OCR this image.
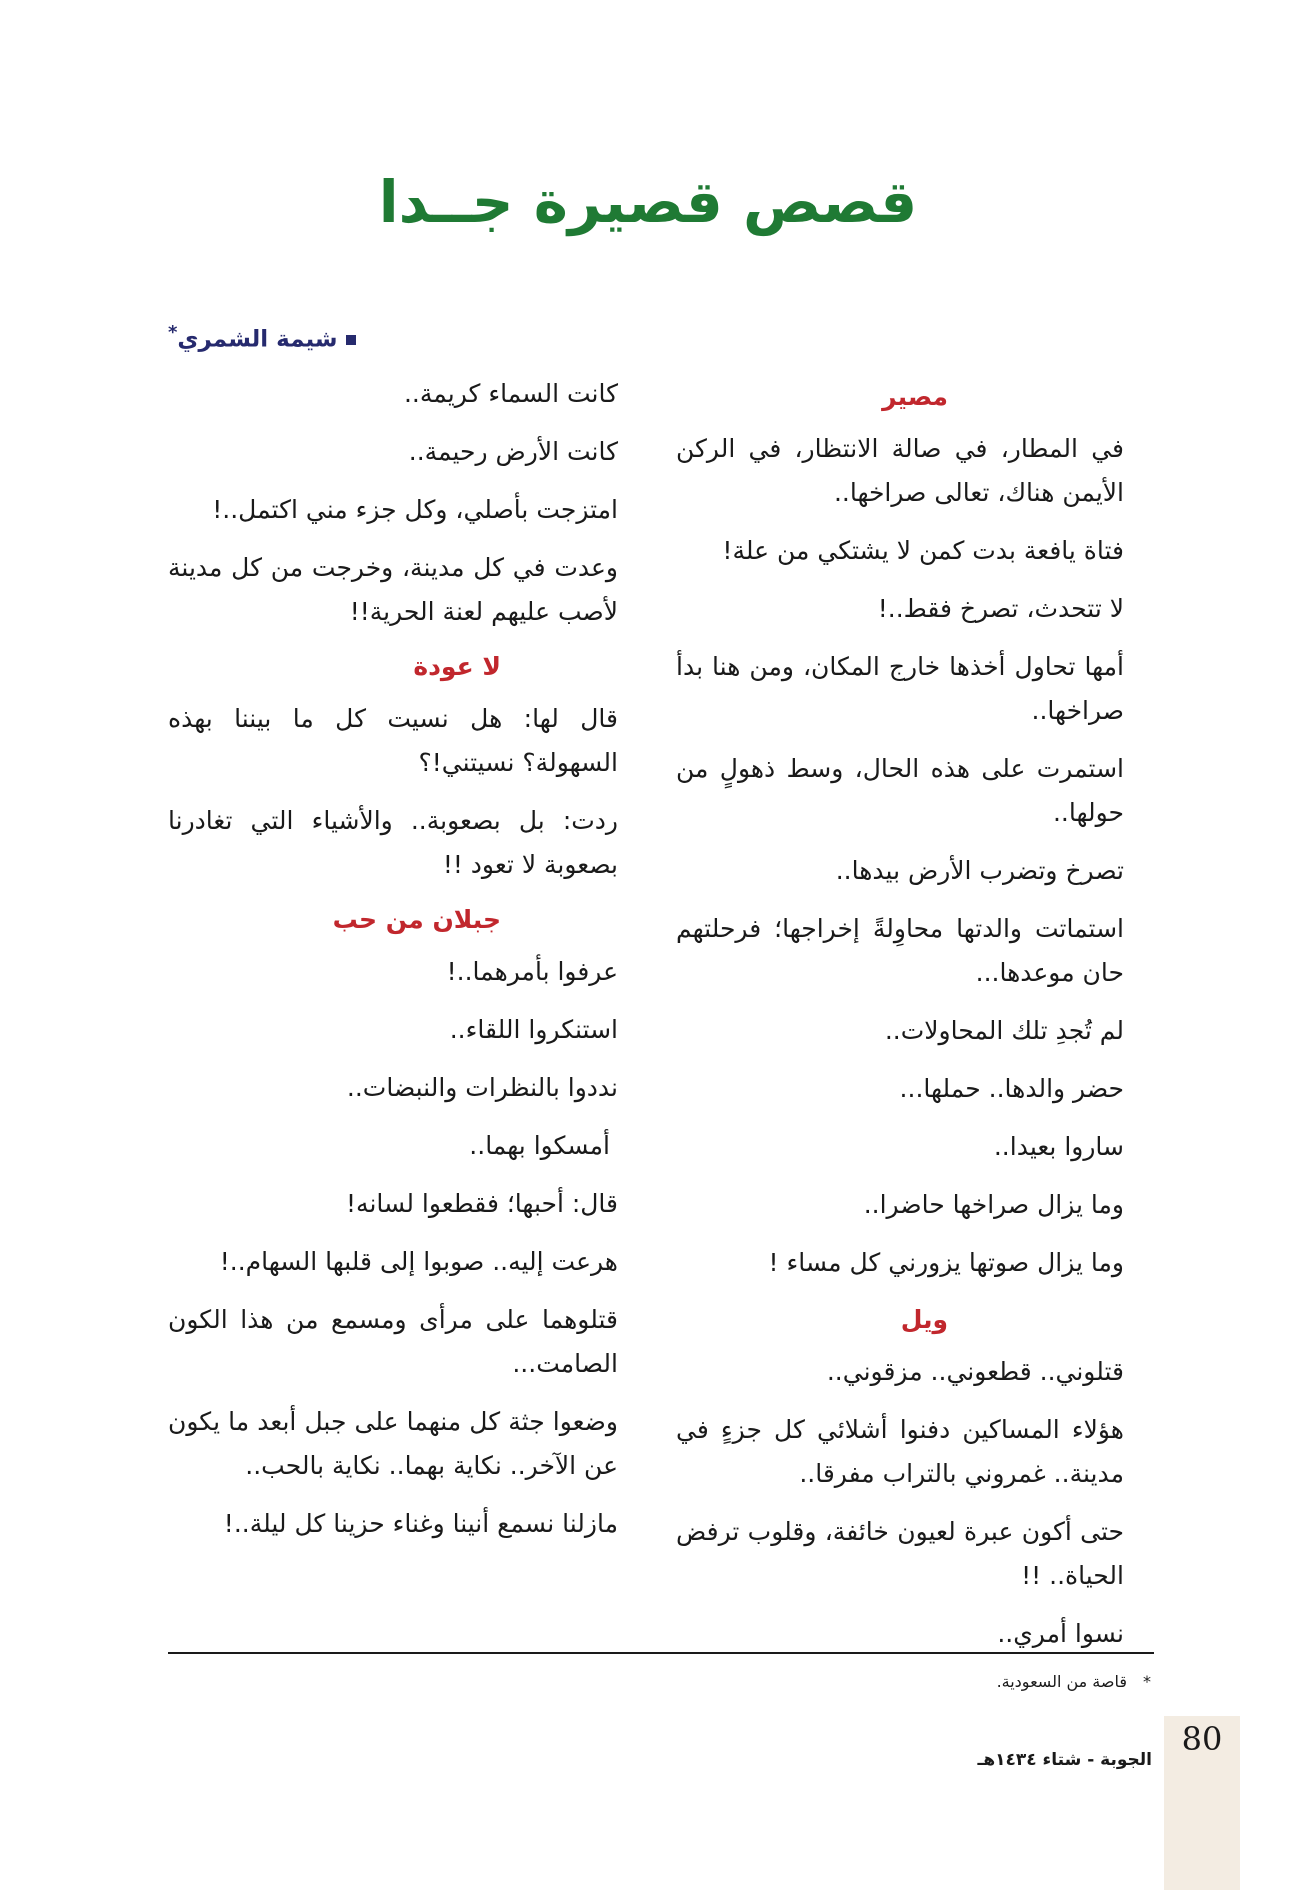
قصص قصيرة جــدا
شيمة الشمري*
مصير

في المطار، في صالة الانتظار، في الركن الأيمن هناك، تعالى صراخها..

فتاة يافعة بدت كمن لا يشتكي من علة!

لا تتحدث، تصرخ فقط..!

أمها تحاول أخذها خارج المكان، ومن هنا بدأ صراخها..

استمرت على هذه الحال، وسط ذهولٍ من حولها..

تصرخ وتضرب الأرض بيدها..

استماتت والدتها محاوِلةً إخراجها؛ فرحلتهم حان موعدها...

لم تُجدِ تلك المحاولات..

حضر والدها.. حملها...

ساروا بعيدا..

وما يزال صراخها حاضرا..

وما يزال صوتها يزورني كل مساء !

ويل

قتلوني.. قطعوني.. مزقوني..

هؤلاء المساكين دفنوا أشلائي كل جزءٍ في مدينة.. غمروني بالتراب مفرقا..

حتى أكون عبرة لعيون خائفة، وقلوب ترفض الحياة.. !!

نسوا أمري..

كانت السماء كريمة..

كانت الأرض رحيمة..

امتزجت بأصلي، وكل جزء مني اكتمل..!

وعدت في كل مدينة، وخرجت من كل مدينة لأصب عليهم لعنة الحرية!!

لا عودة

قال لها: هل نسيت كل ما بيننا بهذه السهولة؟ نسيتني!؟

ردت: بل بصعوبة.. والأشياء التي تغادرنا بصعوبة لا تعود !!

جبلان من حب

عرفوا بأمرهما..!

استنكروا اللقاء..

نددوا بالنظرات والنبضات..

أمسكوا بهما..

قال: أحبها؛ فقطعوا لسانه!

هرعت إليه.. صوبوا إلى قلبها السهام..!

قتلوهما على مرأى ومسمع من هذا الكون الصامت...

وضعوا جثة كل منهما على جبل أبعد ما يكون عن الآخر.. نكاية بهما.. نكاية بالحب..

مازلنا نسمع أنينا وغناء حزينا كل ليلة..!

*قاصة من السعودية.
80
الجوبة - شتاء ١٤٣٤هـ
